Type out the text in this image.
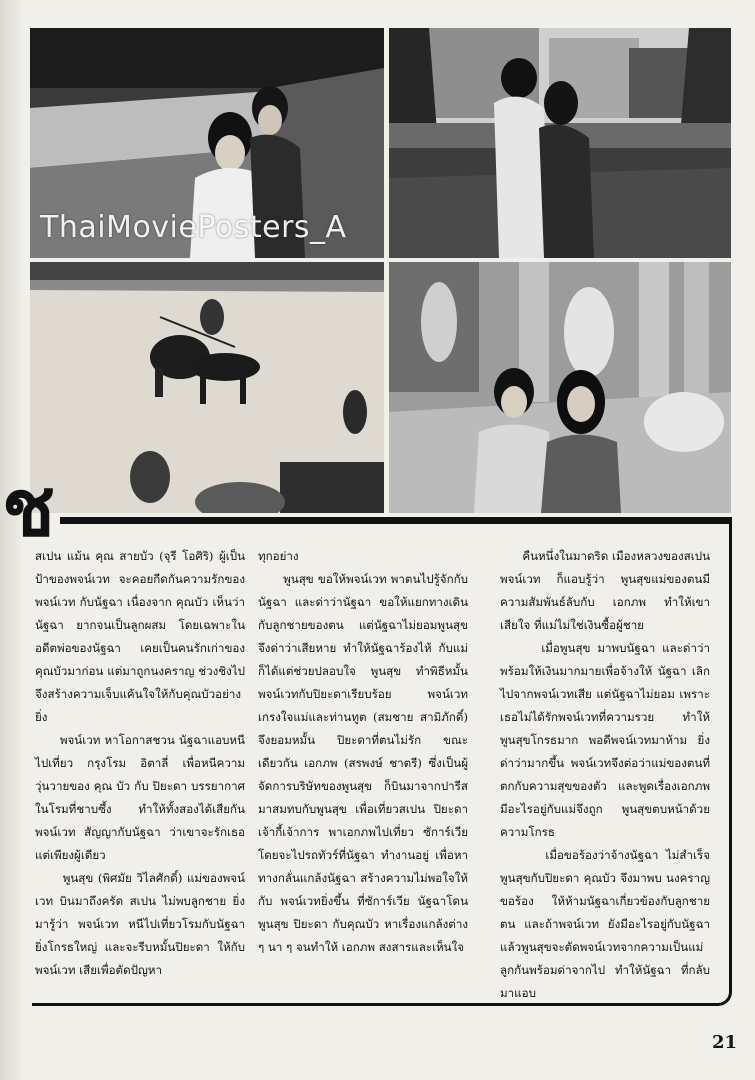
ThaiMoviePosters_A
ช
สเปน แม้น คุณ สายบัว (จุรี โอศิริ) ผู้เป็นป้าของพจน์เวท จะคอยกีดกันความรักของพจน์เวท กับนัฐฉา เนื่องจาก คุณบัว เห็นว่า นัฐฉา ยากจนเป็นลูกผสม โดยเฉพาะในอดีตพ่อของนัฐฉา เคยเป็นคนรักเก่าของคุณบัวมาก่อน แต่มาถูกนงคราญ ช่วงชิงไป จึงสร้างความเจ็บแค้นใจให้กับคุณบัวอย่างยิ่ง
พจน์เวท หาโอกาสชวน นัฐฉาแอบหนีไปเที่ยว กรุงโรม อิตาลี่ เพื่อหนีความวุ่นวายของ คุณ บัว กับ ปิยะดา บรรยากาศในโรมที่ชาบซึ้ง ทำให้ทั้งสองได้เสียกัน พจน์เวท สัญญากับนัฐฉา ว่าเขาจะรักเธอแต่เพียงผู้เดียว
พูนสุข (พิศมัย วิไลศักดิ์) แม่ของพจน์เวท บินมาถึงครัด สเปน ไม่พบลูกชาย ยิ่งมารู้ว่า พจน์เวท หนีไปเที่ยวโรมกับนัฐฉา ยิ่งโกรธใหญ่ และจะรีบหมั้นปิยะดา ให้กับพจน์เวท เสียเพื่อตัดปัญหา
ทุกอย่าง
พูนสุข ขอให้พจน์เวท พาตนไปรู้จักกับนัฐฉา และด่าว่านัฐฉา ขอให้แยกทางเดินกับลูกชายของตน แต่นัฐฉาไม่ยอมพูนสุขจึงด่าว่าเสียหาย ทำให้นัฐฉาร้องไห้ กับแม่ก็ได้แต่ช่วยปลอบใจ พูนสุข ทำพิธีหมั้นพจน์เวทกับปิยะดาเรียบร้อย พจน์เวทเกรงใจแม่และท่านทูต (สมชาย สามิภักดิ์) จึงยอมหมั้น ปิยะดาที่ตนไม่รัก ขณะเดียวกัน เอกภพ (สรพงษ์ ชาตรี) ซึ่งเป็นผู้จัดการบริษัทของพูนสุข ก็บินมาจากปารีสมาสมทบกับพูนสุข เพื่อเที่ยวสเปน ปิยะดาเจ้ากี้เจ้าการ พาเอกภพไปเที่ยว ซัการ์เวียโดยจะไปรถทัวร์ที่นัฐฉา ทำงานอยู่ เพื่อหาทางกลั่นแกล้งนัฐฉา สร้างความไม่พอใจให้กับ พจน์เวทยิ่งขึ้น ที่ซัการ์เวีย นัฐฉาโดนพูนสุข ปิยะดา กับคุณบัว หาเรื่องแกล้งต่าง ๆ นา ๆ จนทำให้ เอกภพ สงสารและเห็นใจ
คืนหนึ่งในมาดริด เมืองหลวงของสเปน พจน์เวท ก็แอบรู้ว่า พูนสุขแม่ของตนมีความสัมพันธ์ลับกับ เอกภพ ทำให้เขาเสียใจ ที่แม่ไม่ใช่เงินซื้อผู้ชาย
เมื่อพูนสุข มาพบนัฐฉา และด่าว่าพร้อมให้เงินมากมายเพื่อจ้างให้ นัฐฉา เลิกไปจากพจน์เวทเสีย แต่นัฐฉาไม่ยอม เพราะเธอไม่ได้รักพจน์เวทที่ความรวย ทำให้พูนสุขโกรธมาก พอดีพจน์เวทมาห้าม ยิ่งด่าว่ามากขึ้น พจน์เวทจึงต่อว่าแม่ของตนที่ตกกับความสุขของตัว และพูดเรื่องเอกภพมีอะไรอยู่กับแม่จึงถูก พูนสุขตบหน้าด้วยความโกรธ
เมื่อขอร้องว่าจ้างนัฐฉา ไม่สำเร็จ พูนสุขกับปิยะดา คุณบัว จึงมาพบ นงคราญ ขอร้อง ให้ห้ามนัฐฉาเกี่ยวข้องกับลูกชายตน และถ้าพจน์เวท ยังมีอะไรอยู่กับนัฐฉาแล้วพูนสุขจะตัดพจน์เวทจากความเป็นแม่ลูกกันพร้อมด่าจากไป ทำให้นัฐฉา ที่กลับมาแอบ
21
